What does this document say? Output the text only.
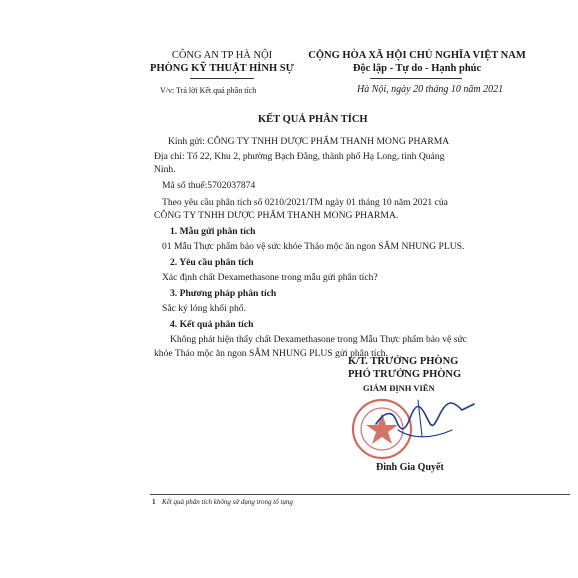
CÔNG AN TP HÀ NỘI
PHÒNG KỸ THUẬT HÌNH SỰ
V/v: Trả lời Kết quả phân tích
CỘNG HÒA XÃ HỘI CHỦ NGHĨA VIỆT NAM
Độc lập - Tự do - Hạnh phúc
Hà Nội, ngày 20 tháng 10 năm 2021
KẾT QUẢ PHÂN TÍCH
Kính gửi: CÔNG TY TNHH DƯỢC PHẨM THANH MONG PHARMA
Địa chỉ: Tổ 22, Khu 2, phường Bạch Đằng, thành phố Hạ Long, tỉnh Quảng
Ninh.
Mã số thuế:5702037874
Theo yêu cầu phân tích số 0210/2021/TM ngày 01 tháng 10 năm 2021 của
CÔNG TY TNHH DƯỢC PHẨM THANH MONG PHARMA.
1. Mẫu gửi phân tích
01 Mẫu Thực phẩm bảo vệ sức khỏe Thảo mộc ăn ngon SÂM NHUNG PLUS.
2. Yêu cầu phân tích
Xác định chất Dexamethasone trong mẫu gửi phân tích?
3. Phương pháp phân tích
Sắc ký lỏng khối phổ.
4. Kết quả phân tích
Không phát hiện thấy chất Dexamethasone trong Mẫu Thực phẩm bảo vệ sức
khỏe Thảo mộc ăn ngon SÂM NHUNG PLUS gửi phân tích.
K/T. TRƯỞNG PHÒNG
PHÓ TRƯỞNG PHÒNG
GIÁM ĐỊNH VIÊN
Đinh Gia Quyết
1 Kết quả phân tích không sử dụng trong tố tụng
